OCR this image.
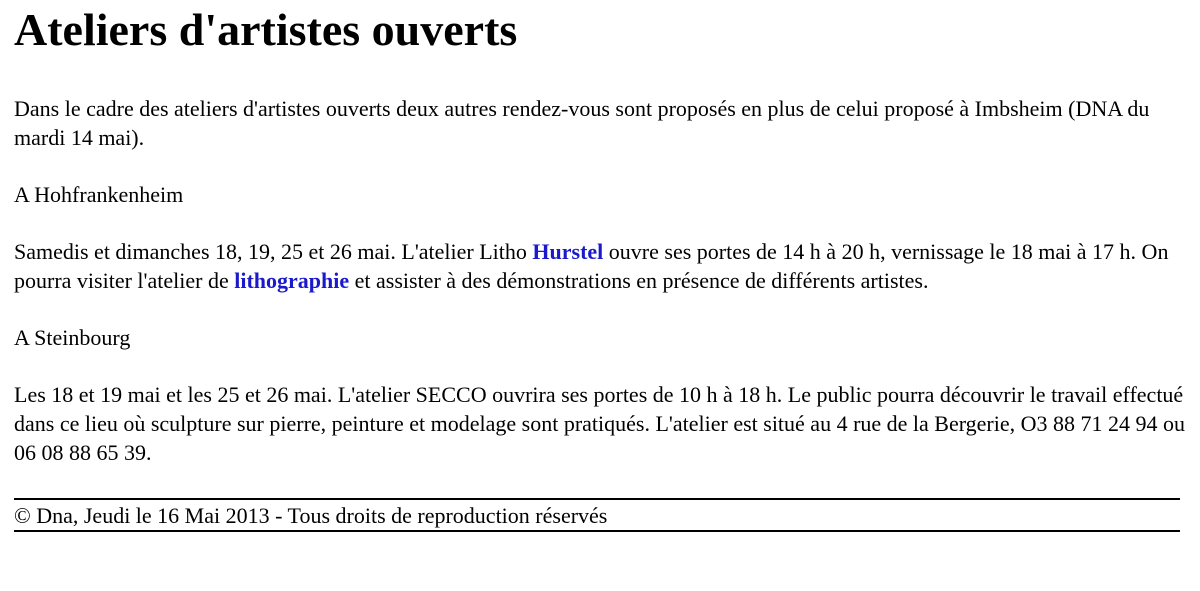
Ateliers d'artistes ouverts

Dans le cadre des ateliers d'artistes ouverts deux autres rendez-vous sont proposés en plus de celui proposé à Imbsheim (DNA du mardi 14 mai).

A Hohfrankenheim

Samedis et dimanches 18, 19, 25 et 26 mai. L'atelier Litho Hurstel ouvre ses portes de 14 h à 20 h, vernissage le 18 mai à 17 h. On pourra visiter l'atelier de lithographie et assister à des démonstrations en présence de différents artistes.

A Steinbourg

Les 18 et 19 mai et les 25 et 26 mai. L'atelier SECCO ouvrira ses portes de 10 h à 18 h. Le public pourra découvrir le travail effectué dans ce lieu où sculpture sur pierre, peinture et modelage sont pratiqués. L'atelier est situé au 4 rue de la Bergerie, O3 88 71 24 94 ou 06 08 88 65 39.

© Dna, Jeudi le 16 Mai 2013 - Tous droits de reproduction réservés
